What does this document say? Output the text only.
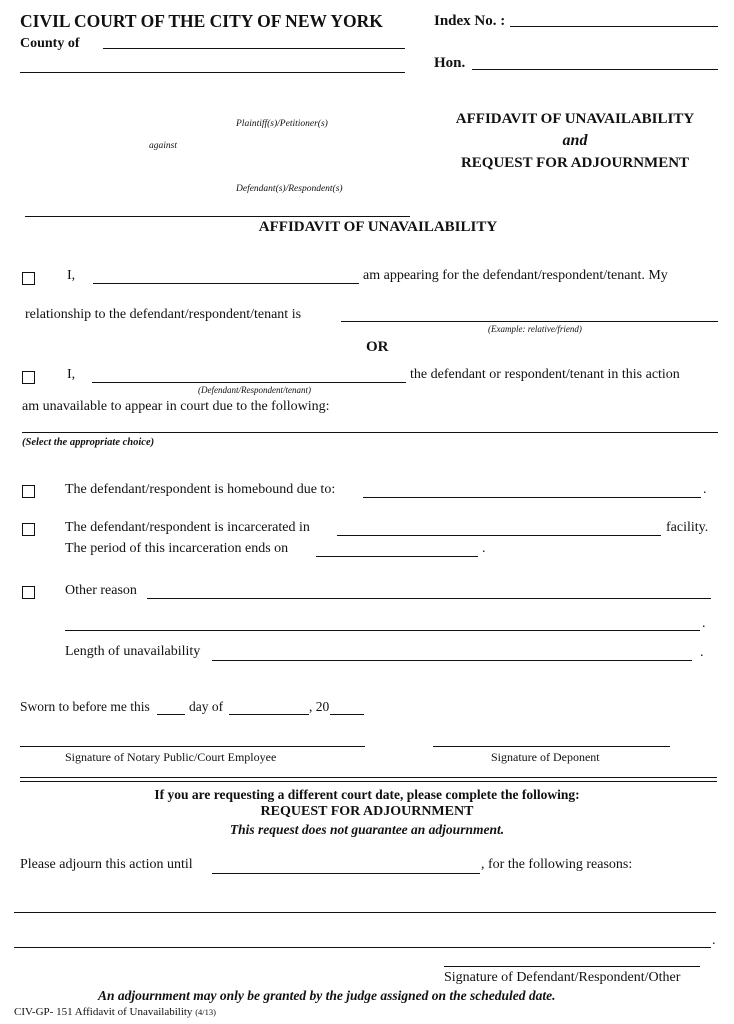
CIVIL COURT OF THE CITY OF NEW YORK
County of
Index No. :
Hon.
Plaintiff(s)/Petitioner(s)
against
Defendant(s)/Respondent(s)
AFFIDAVIT OF UNAVAILABILITY
and
REQUEST FOR ADJOURNMENT
AFFIDAVIT OF UNAVAILABILITY
I,	am appearing for the defendant/respondent/tenant. My
relationship to the defendant/respondent/tenant is
(Example: relative/friend)
OR
I,
(Defendant/Respondent/tenant)
the defendant or respondent/tenant in this action
am unavailable to appear in court due to the following:
(Select the appropriate choice)
The defendant/respondent is homebound due to:	.
The defendant/respondent is incarcerated in	facility.
The period of this incarceration ends on	.
Other reason
.
Length of unavailability	.
Sworn to before me this	day of	, 20
Signature of Notary Public/Court Employee	Signature of Deponent
If you are requesting a different court date, please complete the following:
REQUEST FOR ADJOURNMENT
This request does not guarantee an adjournment.
Please adjourn this action until	, for the following reasons:
.
Signature of Defendant/Respondent/Other
An adjournment may only be granted by the judge assigned on the scheduled date.
CIV-GP- 151 Affidavit of Unavailability (4/13)
